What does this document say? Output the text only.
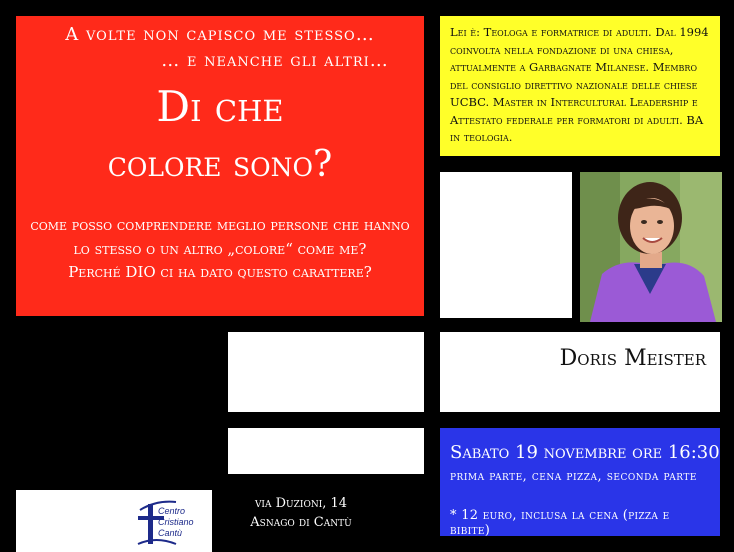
A volte non capisco me stesso…
… e neanche gli altri…
Di che
colore sono?
come posso comprendere meglio persone che hanno
lo stesso o un altro „colore“ come me?
Perché DIO ci ha dato questo carattere?
Lei è: Teologa e formatrice di adulti. Dal 1994 coinvolta nella fondazione di una chiesa, attualmente a Garbagnate Milanese. Membro del consiglio direttivo nazionale delle chiese UCBC. Master in Intercultural Leadership e Attestato federale per formatori di adulti. BA in teologia.
Doris Meister
Sabato 19 novembre ore 16:30
prima parte, cena pizza, seconda parte
* 12 euro, inclusa la cena (pizza e bibite)
Centro
Cristiano
Cantù
via Duzioni, 14
Asnago di Cantù
